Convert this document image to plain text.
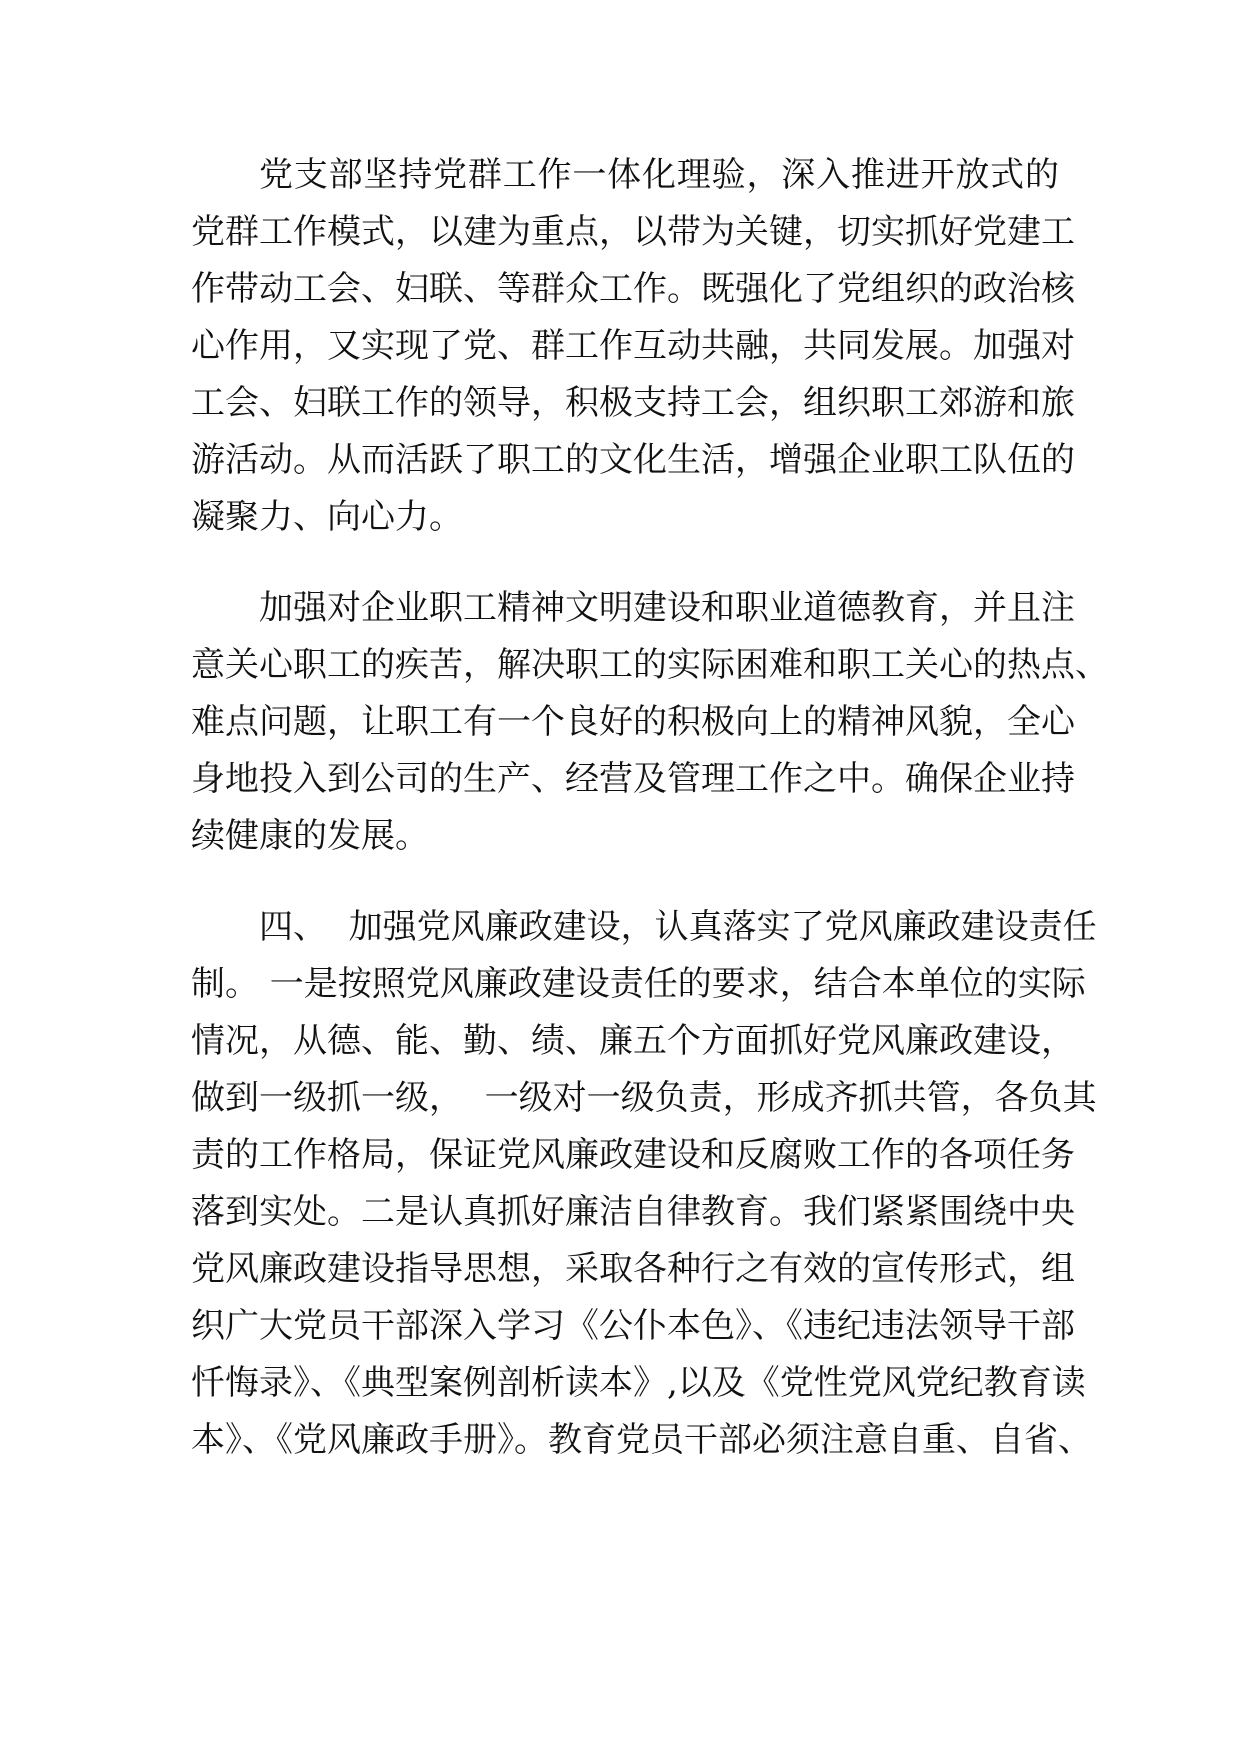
党支部坚持党群工作一体化理验，深入推进开放式的
党群工作模式，以建为重点，以带为关键，切实抓好党建工
作带动工会、妇联、等群众工作。既强化了党组织的政治核
心作用，又实现了党、群工作互动共融，共同发展。加强对
工会、妇联工作的领导，积极支持工会，组织职工郊游和旅
游活动。从而活跃了职工的文化生活，增强企业职工队伍的
凝聚力、向心力。
加强对企业职工精神文明建设和职业道德教育，并且注
意关心职工的疾苦，解决职工的实际困难和职工关心的热点、
难点问题，让职工有一个良好的积极向上的精神风貌，全心
身地投入到公司的生产、经营及管理工作之中。确保企业持
续健康的发展。
四、  加强党风廉政建设，认真落实了党风廉政建设责任
制。 一是按照党风廉政建设责任的要求，结合本单位的实际
情况，从德、能、勤、绩、廉五个方面抓好党风廉政建设，
做到一级抓一级，  一级对一级负责，形成齐抓共管，各负其
责的工作格局，保证党风廉政建设和反腐败工作的各项任务
落到实处。二是认真抓好廉洁自律教育。我们紧紧围绕中央
党风廉政建设指导思想，采取各种行之有效的宣传形式，组
织广大党员干部深入学习《公仆本色》、《违纪违法领导干部
忏悔录》、《典型案例剖析读本》,以及《党性党风党纪教育读
本》、《党风廉政手册》。教育党员干部必须注意自重、自省、
